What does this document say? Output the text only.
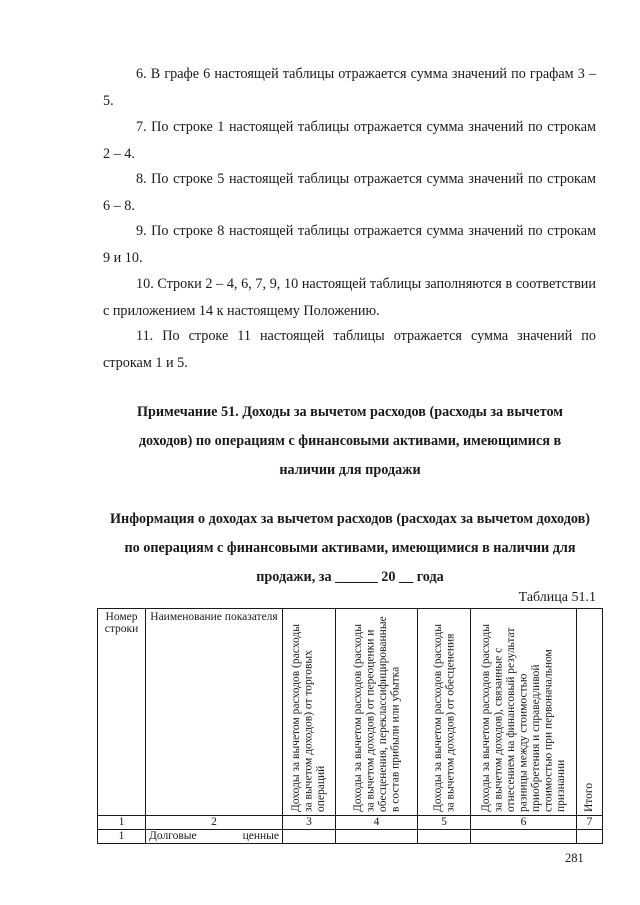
6. В графе 6 настоящей таблицы отражается сумма значений по графам 3 – 5.

7. По строке 1 настоящей таблицы отражается сумма значений по строкам 2 – 4.

8. По строке 5 настоящей таблицы отражается сумма значений по строкам 6 – 8.

9. По строке 8 настоящей таблицы отражается сумма значений по строкам 9 и 10.

10. Строки 2 – 4, 6, 7, 9, 10 настоящей таблицы заполняются в соответствии с приложением 14 к настоящему Положению.

11. По строке 11 настоящей таблицы отражается сумма значений по строкам 1 и 5.

Примечание 51. Доходы за вычетом расходов (расходы за вычетом доходов) по операциям с финансовыми активами, имеющимися в наличии для продажи

Информация о доходах за вычетом расходов (расходах за вычетом доходов) по операциям с финансовыми активами, имеющимися в наличии для продажи, за ______ 20 __ года

Таблица 51.1
Номер строки	Наименование показателя	Доходы за вычетом расходов (расходы за вычетом доходов) от торговых операций	Доходы за вычетом расходов (расходы за вычетом доходов) от переоценки и обесценения, переклассифицированные в состав прибыли или убытка	Доходы за вычетом расходов (расходы за вычетом доходов) от обесценения	Доходы за вычетом расходов (расходы за вычетом доходов), связанные с отнесением на финансовый результат разницы между стоимостью приобретения и справедливой стоимостью при первоначальном признании	Итого

1	2	3	4	5	6	7
1	Долговые ценные					
281
